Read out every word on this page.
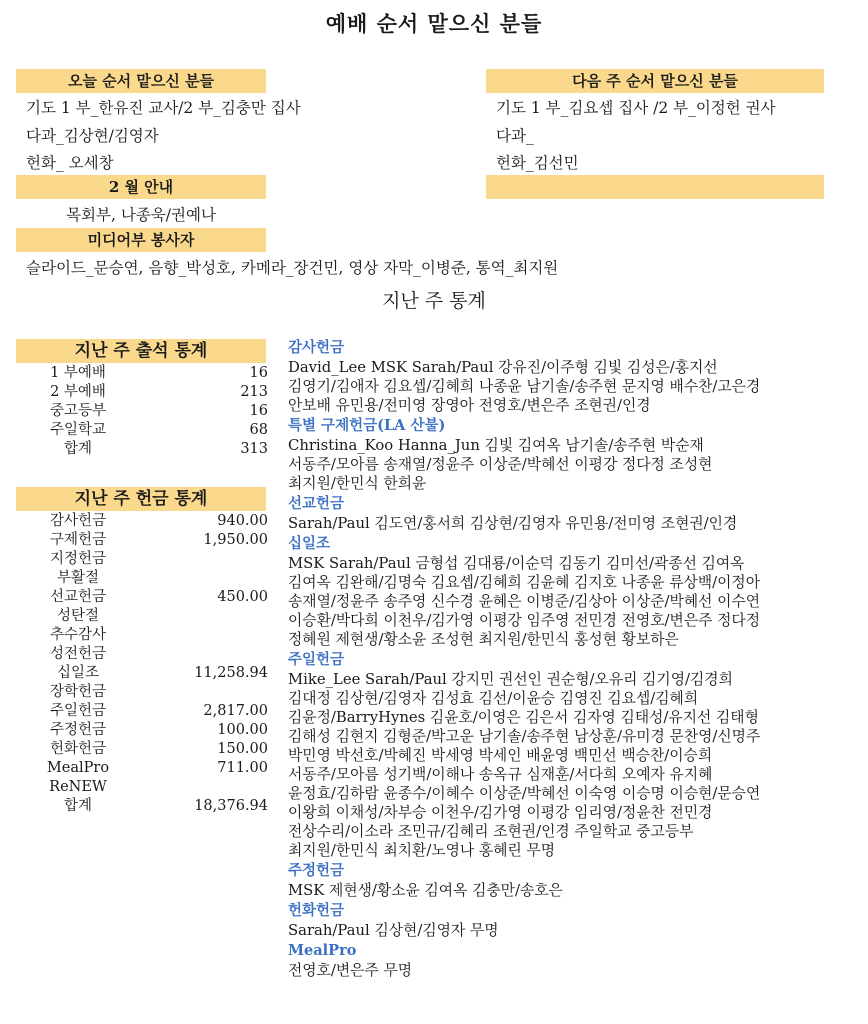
예배 순서 맡으신 분들
오늘 순서 맡으신 분들
기도 1 부_한유진 교사/2 부_김충만 집사
다과_김상현/김영자
헌화_ 오세창
다음 주 순서 맡으신 분들
기도 1 부_김요셉 집사 /2 부_이정헌 권사
다과_
헌화_김선민
2 월 안내
목회부, 나종욱/권예나
미디어부 봉사자
슬라이드_문승연, 음향_박성호, 카메라_장건민, 영상 자막_이병준, 통역_최지원
지난 주 통계
지난 주 출석 통계
1 부예배	16
2 부예배	213
중고등부	16
주일학교	68
합계	313
지난 주 헌금 통계
감사헌금	940.00
구제헌금	1,950.00
지정헌금	
부활절	
선교헌금	450.00
성탄절	
추수감사	
성전헌금	
십일조	11,258.94
장학헌금	
주일헌금	2,817.00
주정헌금	100.00
헌화헌금	150.00
MealPro	711.00
ReNEW	
합계	18,376.94
감사헌금
David_Lee MSK Sarah/Paul 강유진/이주형 김빛 김성은/홍지선
김영기/김애자 김요셉/김혜희 나종윤 남기솔/송주현 문지영 배수찬/고은경
안보배 유민용/전미영 장영아 전영호/변은주 조현권/인경
특별 구제헌금(LA 산불)
Christina_Koo Hanna_Jun 김빛 김여옥 남기솔/송주현 박순재
서동주/모아름 송재열/정윤주 이상준/박혜선 이평강 정다정 조성현
최지원/한민식 한희윤
선교헌금
Sarah/Paul 김도연/홍서희 김상현/김영자 유민용/전미영 조현권/인경
십일조
MSK Sarah/Paul 금형섭 김대룡/이순덕 김동기 김미선/곽종선 김여옥
김여옥 김완해/김명숙 김요셉/김혜희 김윤혜 김지호 나종윤 류상백/이정아
송재열/정윤주 송주영 신수경 윤혜은 이병준/김상아 이상준/박혜선 이수연
이승환/박다희 이천우/김가영 이평강 임주영 전민경 전영호/변은주 정다정
정혜원 제현생/황소윤 조성현 최지원/한민식 홍성현 황보하은
주일헌금
Mike_Lee Sarah/Paul 강지민 권선인 권순형/오유리 김기영/김경희
김대정 김상현/김영자 김성효 김선/이윤승 김영진 김요셉/김혜희
김윤정/BarryHynes 김윤호/이영은 김은서 김자영 김태성/유지선 김태형
김해성 김현지 김형준/박고운 남기솔/송주현 남상훈/유미경 문찬영/신명주
박민영 박선호/박혜진 박세영 박세인 배윤영 백민선 백승찬/이승희
서동주/모아름 성기백/이해나 송옥규 심재훈/서다희 오예자 유지혜
윤정효/김하람 윤종수/이혜수 이상준/박혜선 이숙영 이승명 이승현/문승연
이왕희 이채성/차부승 이천우/김가영 이평강 임리영/정윤찬 전민경
전상수리/이소라 조민규/김혜리 조현권/인경 주일학교 중고등부
최지원/한민식 최치환/노영나 홍혜린 무명
주정헌금
MSK 제현생/황소윤 김여옥 김충만/송호은
헌화헌금
Sarah/Paul 김상현/김영자 무명
MealPro
전영호/변은주 무명
